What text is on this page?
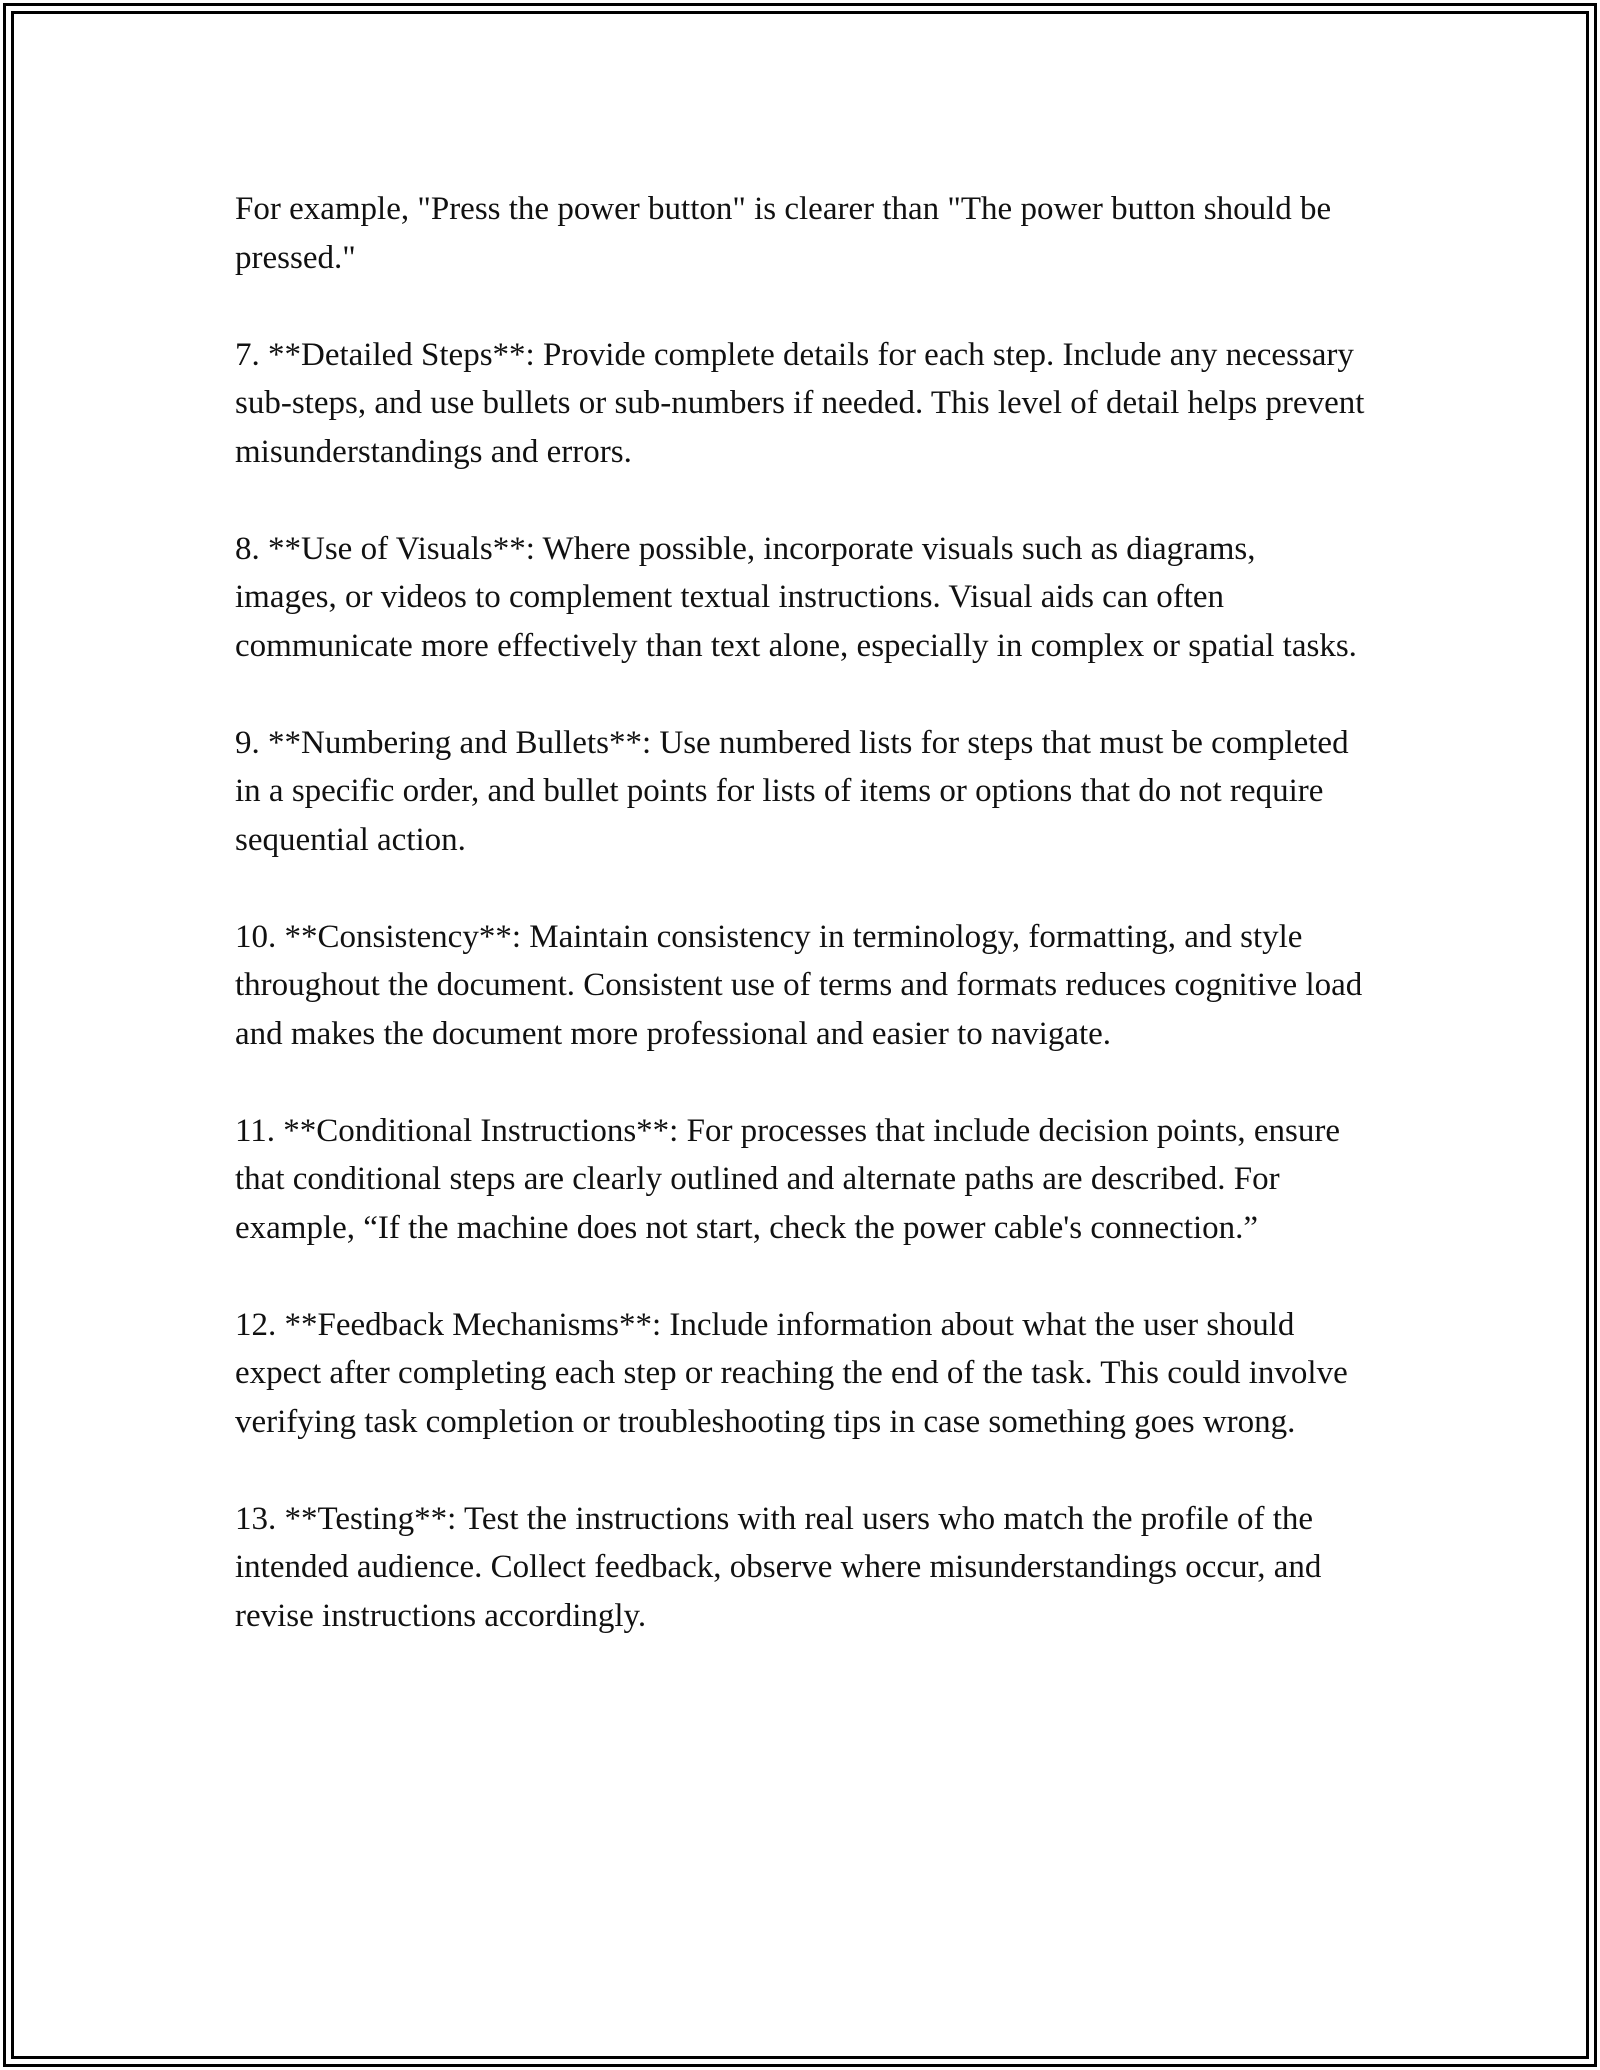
For example, "Press the power button" is clearer than "The power button should be pressed."

7. **Detailed Steps**: Provide complete details for each step. Include any necessary sub-steps, and use bullets or sub-numbers if needed. This level of detail helps prevent misunderstandings and errors.

8. **Use of Visuals**: Where possible, incorporate visuals such as diagrams, images, or videos to complement textual instructions. Visual aids can often communicate more effectively than text alone, especially in complex or spatial tasks.

9. **Numbering and Bullets**: Use numbered lists for steps that must be completed in a specific order, and bullet points for lists of items or options that do not require sequential action.

10. **Consistency**: Maintain consistency in terminology, formatting, and style throughout the document. Consistent use of terms and formats reduces cognitive load and makes the document more professional and easier to navigate.

11. **Conditional Instructions**: For processes that include decision points, ensure that conditional steps are clearly outlined and alternate paths are described. For example, “If the machine does not start, check the power cable's connection.”

12. **Feedback Mechanisms**: Include information about what the user should expect after completing each step or reaching the end of the task. This could involve verifying task completion or troubleshooting tips in case something goes wrong.

13. **Testing**: Test the instructions with real users who match the profile of the intended audience. Collect feedback, observe where misunderstandings occur, and revise instructions accordingly.
